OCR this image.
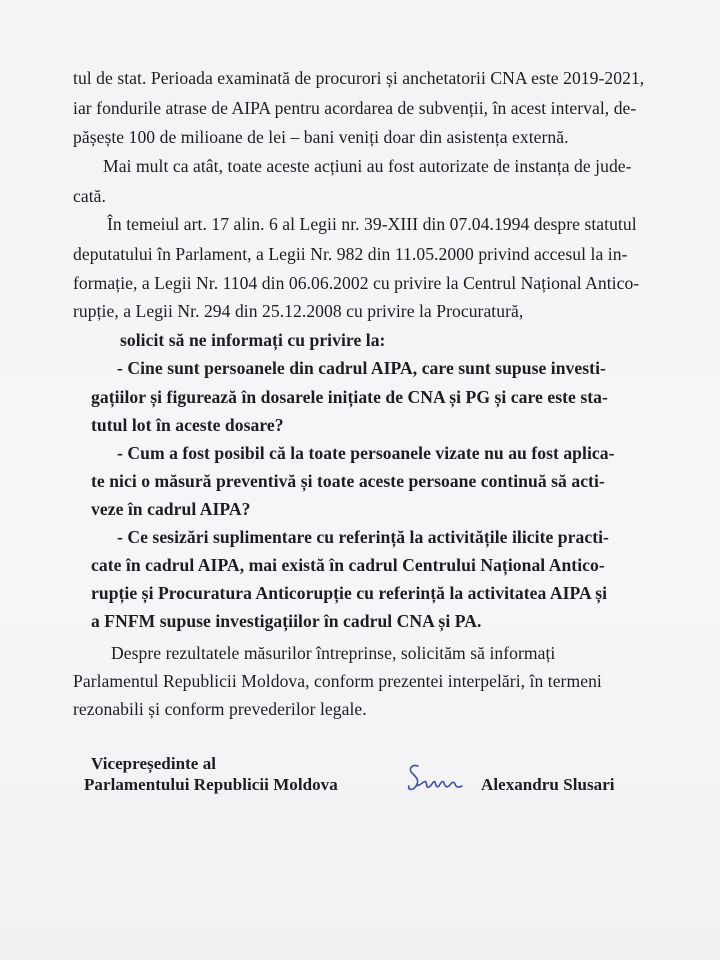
tul de stat. Perioada examinată de procurori și anchetatorii CNA este 2019-2021,
iar fondurile atrase de AIPA pentru acordarea de subvenții, în acest interval, de-
pășește 100 de milioane de lei – bani veniți doar din asistența externă.
Mai mult ca atât, toate aceste acțiuni au fost autorizate de instanța de jude-
cată.
În temeiul art. 17 alin. 6 al Legii nr. 39-XIII din 07.04.1994 despre statutul
deputatului în Parlament, a Legii Nr. 982 din 11.05.2000 privind accesul la in-
formație, a Legii Nr. 1104 din 06.06.2002 cu privire la Centrul Național Antico-
rupție, a Legii Nr. 294 din 25.12.2008 cu privire la Procuratură,
solicit să ne informați cu privire la:
- Cine sunt persoanele din cadrul AIPA, care sunt supuse investi-
gațiilor și figurează în dosarele inițiate de CNA și PG și care este sta-
tutul lot în aceste dosare?
- Cum a fost posibil că la toate persoanele vizate nu au fost aplica-
te nici o măsură preventivă și toate aceste persoane continuă să acti-
veze în cadrul AIPA?
- Ce sesizări suplimentare cu referință la activitățile ilicite practi-
cate în cadrul AIPA, mai există în cadrul Centrului Național Antico-
rupție și Procuratura Anticorupție cu referință la activitatea AIPA și
a FNFM supuse investigațiilor în cadrul CNA și PA.
Despre rezultatele măsurilor întreprinse, solicităm să informați
Parlamentul Republicii Moldova, conform prezentei interpelări, în termeni
rezonabili și conform prevederilor legale.
Vicepreședinte al
Parlamentului Republicii Moldova	Alexandru Slusari
